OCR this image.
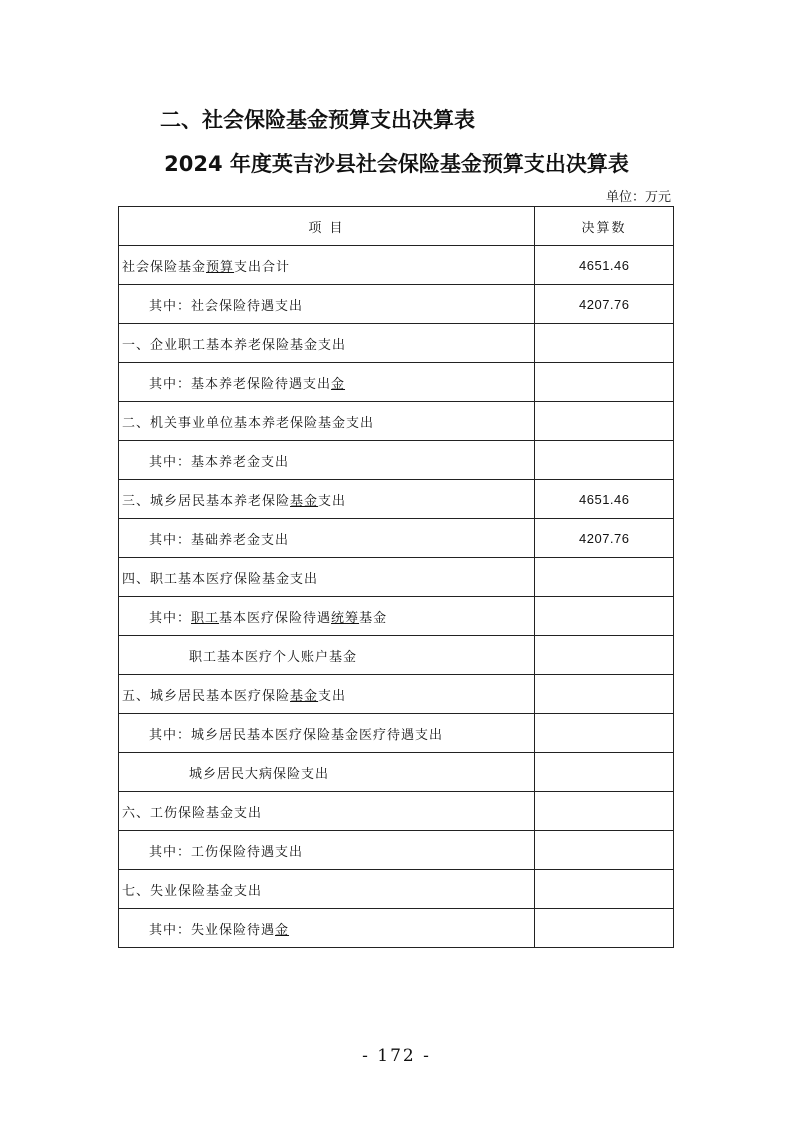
二、社会保险基金预算支出决算表
2024 年度英吉沙县社会保险基金预算支出决算表
单位：万元
项 目	决算数
社会保险基金预算支出合计	4651.46
其中：社会保险待遇支出	4207.76
一、企业职工基本养老保险基金支出	
其中：基本养老保险待遇支出金	
二、机关事业单位基本养老保险基金支出	
其中：基本养老金支出	
三、城乡居民基本养老保险基金支出	4651.46
其中：基础养老金支出	4207.76
四、职工基本医疗保险基金支出	
其中：职工基本医疗保险待遇统筹基金	
职工基本医疗个人账户基金	
五、城乡居民基本医疗保险基金支出	
其中：城乡居民基本医疗保险基金医疗待遇支出	
城乡居民大病保险支出	
六、工伤保险基金支出	
其中：工伤保险待遇支出	
七、失业保险基金支出	
其中：失业保险待遇金	
- 172 -
